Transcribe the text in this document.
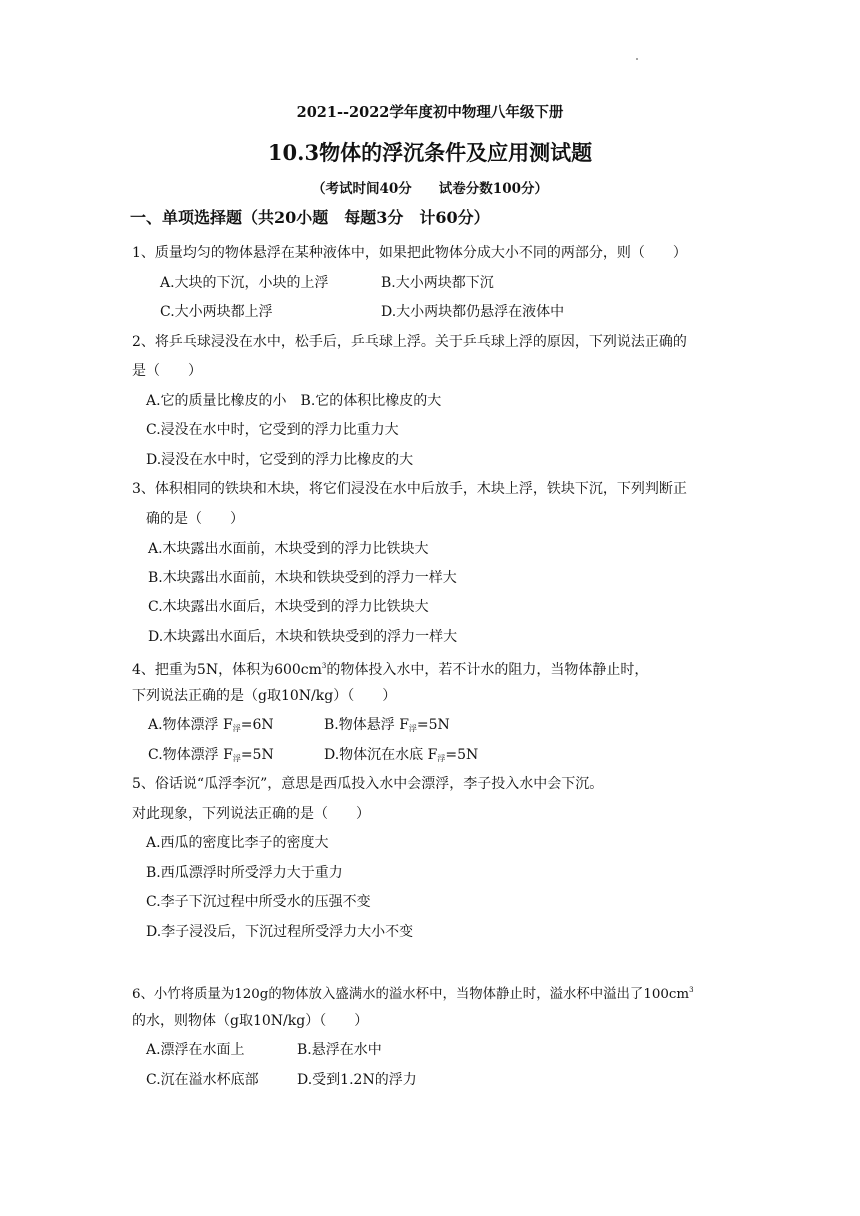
2021--2022学年度初中物理八年级下册
10.3物体的浮沉条件及应用测试题
（考试时间40分　　试卷分数100分）
一、单项选择题（共20小题　每题3分　计60分）
1、质量均匀的物体悬浮在某种液体中，如果把此物体分成大小不同的两部分，则（　　）
A.大块的下沉，小块的上浮	B.大小两块都下沉
C.大小两块都上浮	D.大小两块都仍悬浮在液体中
2、将乒乓球浸没在水中，松手后，乒乓球上浮。关于乒乓球上浮的原因，下列说法正确的
是（　　）
A.它的质量比橡皮的小　B.它的体积比橡皮的大
C.浸没在水中时，它受到的浮力比重力大
D.浸没在水中时，它受到的浮力比橡皮的大
3、体积相同的铁块和木块，将它们浸没在水中后放手，木块上浮，铁块下沉，下列判断正
确的是（　　）
A.木块露出水面前，木块受到的浮力比铁块大
B.木块露出水面前，木块和铁块受到的浮力一样大
C.木块露出水面后，木块受到的浮力比铁块大
D.木块露出水面后，木块和铁块受到的浮力一样大
4、把重为5N，体积为$600cm^3$的物体投入水中，若不计水的阻力，当物体静止时，
下列说法正确的是（g取10N/kg）（　　）
A.物体漂浮 $F_浮=6N$	B.物体悬浮 $F_浮=5N$
C.物体漂浮 $F_浮=5N$	D.物体沉在水底 $F_浮=5N$
5、俗话说“瓜浮李沉”，意思是西瓜投入水中会漂浮，李子投入水中会下沉。
对此现象，下列说法正确的是（　　）
A.西瓜的密度比李子的密度大
B.西瓜漂浮时所受浮力大于重力
C.李子下沉过程中所受水的压强不变
D.李子浸没后，下沉过程所受浮力大小不变
6、小竹将质量为120g的物体放入盛满水的溢水杯中，当物体静止时，溢水杯中溢出了$100cm^3$
的水，则物体（g取10N/kg）（　　）
A.漂浮在水面上	B.悬浮在水中
C.沉在溢水杯底部	D.受到1.2N的浮力
